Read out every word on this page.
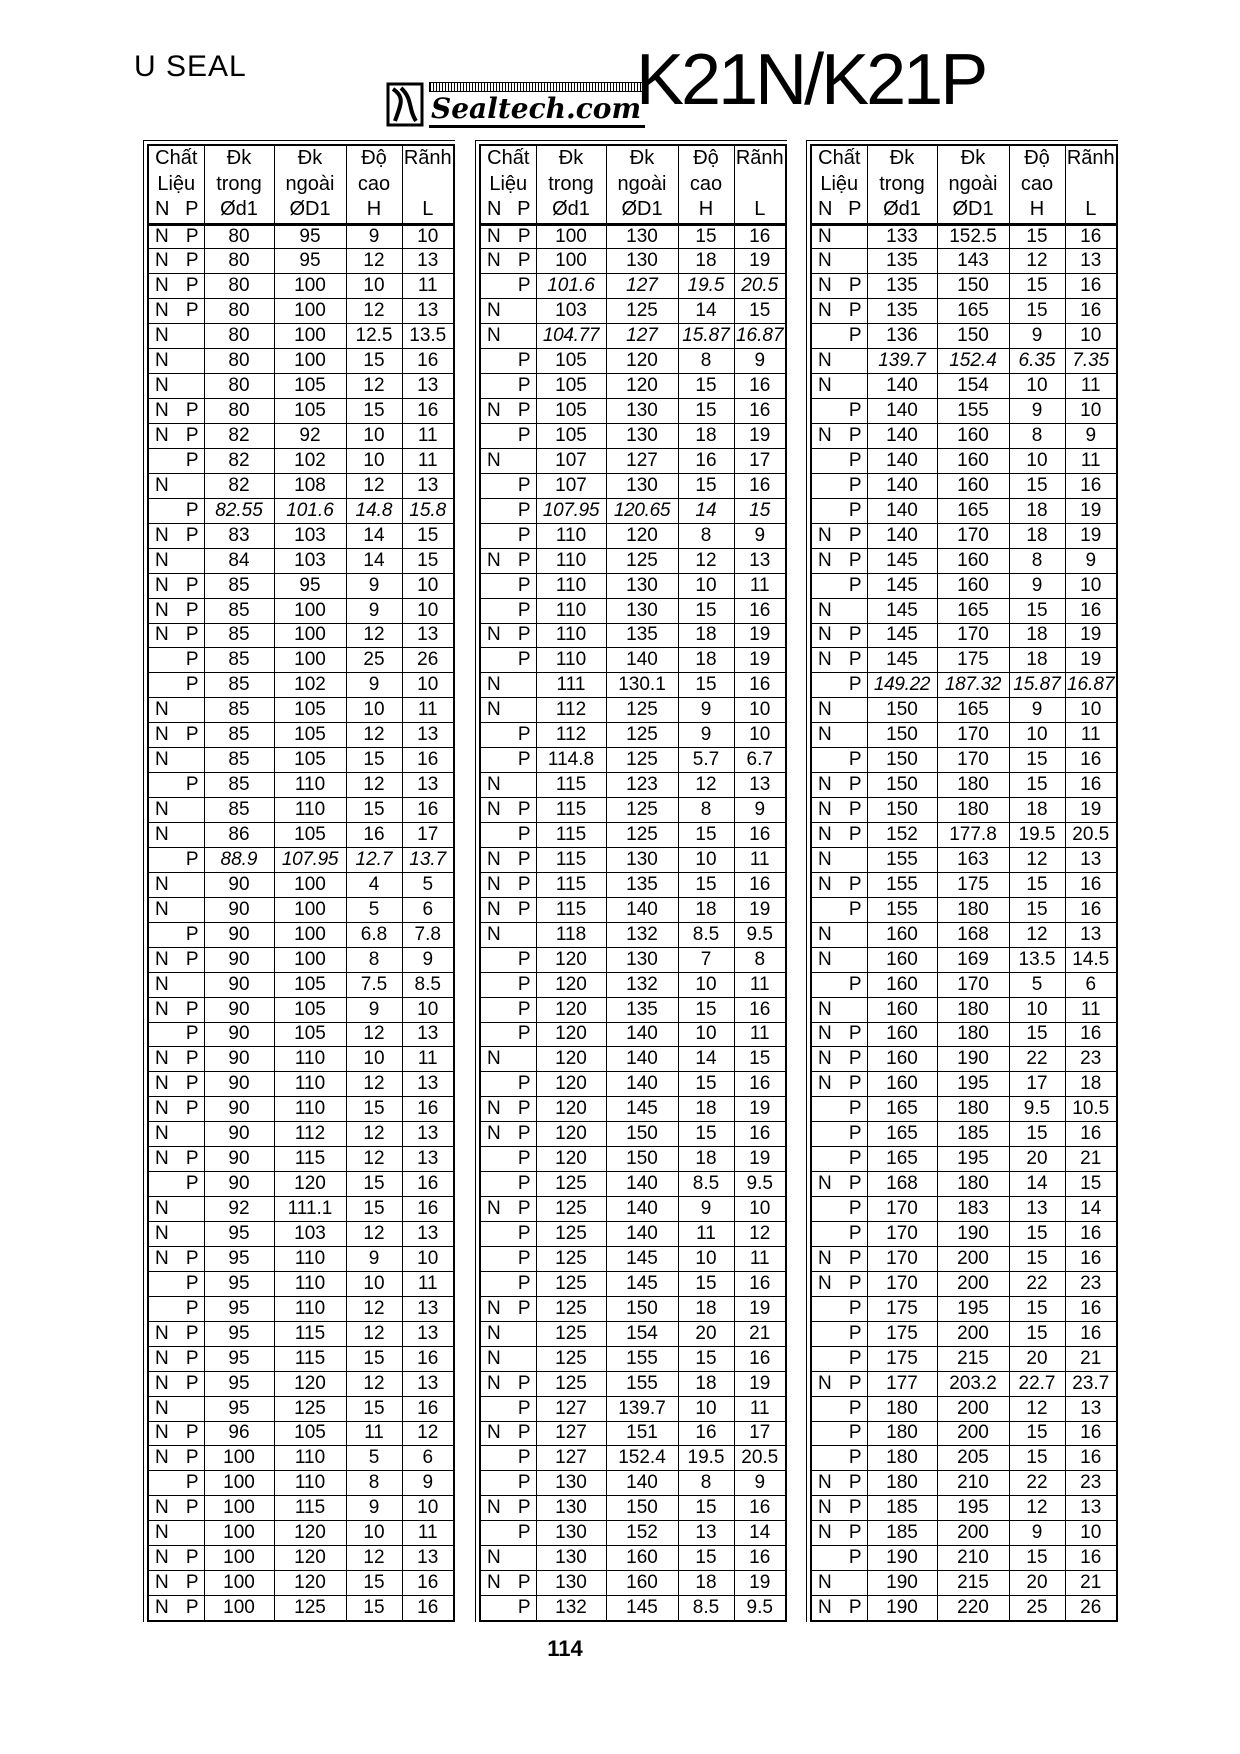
U SEAL
Sealtech.com
K21N/K21P
Chất
Liệu
N P

Đk
trong
Ød1

Đk
ngoài
ØD1

Độ
cao
H

Rãnh
L

N P	80	95	9	10

N P	80	95	12	13

N P	80	100	10	11

N P	80	100	12	13

N	80	100	12.5	13.5

N	80	100	15	16

N	80	105	12	13

N P	80	105	15	16

N P	82	92	10	11

P	82	102	10	11

N	82	108	12	13

P	82.55	101.6	14.8	15.8

N P	83	103	14	15

N	84	103	14	15

N P	85	95	9	10

N P	85	100	9	10

N P	85	100	12	13

P	85	100	25	26

P	85	102	9	10

N	85	105	10	11

N P	85	105	12	13

N	85	105	15	16

P	85	110	12	13

N	85	110	15	16

N	86	105	16	17

P	88.9	107.95	12.7	13.7

N	90	100	4	5

N	90	100	5	6

P	90	100	6.8	7.8

N P	90	100	8	9

N	90	105	7.5	8.5

N P	90	105	9	10

P	90	105	12	13

N P	90	110	10	11

N P	90	110	12	13

N P	90	110	15	16

N	90	112	12	13

N P	90	115	12	13

P	90	120	15	16

N	92	111.1	15	16

N	95	103	12	13

N P	95	110	9	10

P	95	110	10	11

P	95	110	12	13

N P	95	115	12	13

N P	95	115	15	16

N P	95	120	12	13

N	95	125	15	16

N P	96	105	11	12

N P	100	110	5	6

P	100	110	8	9

N P	100	115	9	10

N	100	120	10	11

N P	100	120	12	13

N P	100	120	15	16

N P	100	125	15	16
Chất
Liệu
N P

Đk
trong
Ød1

Đk
ngoài
ØD1

Độ
cao
H

Rãnh
L

N P	100	130	15	16

N P	100	130	18	19

P	101.6	127	19.5	20.5

N	103	125	14	15

N	104.77	127	15.87	16.87

P	105	120	8	9

P	105	120	15	16

N P	105	130	15	16

P	105	130	18	19

N	107	127	16	17

P	107	130	15	16

P	107.95	120.65	14	15

P	110	120	8	9

N P	110	125	12	13

P	110	130	10	11

P	110	130	15	16

N P	110	135	18	19

P	110	140	18	19

N	111	130.1	15	16

N	112	125	9	10

P	112	125	9	10

P	114.8	125	5.7	6.7

N	115	123	12	13

N P	115	125	8	9

P	115	125	15	16

N P	115	130	10	11

N P	115	135	15	16

N P	115	140	18	19

N	118	132	8.5	9.5

P	120	130	7	8

P	120	132	10	11

P	120	135	15	16

P	120	140	10	11

N	120	140	14	15

P	120	140	15	16

N P	120	145	18	19

N P	120	150	15	16

P	120	150	18	19

P	125	140	8.5	9.5

N P	125	140	9	10

P	125	140	11	12

P	125	145	10	11

P	125	145	15	16

N P	125	150	18	19

N	125	154	20	21

N	125	155	15	16

N P	125	155	18	19

P	127	139.7	10	11

N P	127	151	16	17

P	127	152.4	19.5	20.5

P	130	140	8	9

N P	130	150	15	16

P	130	152	13	14

N	130	160	15	16

N P	130	160	18	19

P	132	145	8.5	9.5
Chất
Liệu
N P

Đk
trong
Ød1

Đk
ngoài
ØD1

Độ
cao
H

Rãnh
L

N	133	152.5	15	16

N	135	143	12	13

N P	135	150	15	16

N P	135	165	15	16

P	136	150	9	10

N	139.7	152.4	6.35	7.35

N	140	154	10	11

P	140	155	9	10

N P	140	160	8	9

P	140	160	10	11

P	140	160	15	16

P	140	165	18	19

N P	140	170	18	19

N P	145	160	8	9

P	145	160	9	10

N	145	165	15	16

N P	145	170	18	19

N P	145	175	18	19

P	149.22	187.32	15.87	16.87

N	150	165	9	10

N	150	170	10	11

P	150	170	15	16

N P	150	180	15	16

N P	150	180	18	19

N P	152	177.8	19.5	20.5

N	155	163	12	13

N P	155	175	15	16

P	155	180	15	16

N	160	168	12	13

N	160	169	13.5	14.5

P	160	170	5	6

N	160	180	10	11

N P	160	180	15	16

N P	160	190	22	23

N P	160	195	17	18

P	165	180	9.5	10.5

P	165	185	15	16

P	165	195	20	21

N P	168	180	14	15

P	170	183	13	14

P	170	190	15	16

N P	170	200	15	16

N P	170	200	22	23

P	175	195	15	16

P	175	200	15	16

P	175	215	20	21

N P	177	203.2	22.7	23.7

P	180	200	12	13

P	180	200	15	16

P	180	205	15	16

N P	180	210	22	23

N P	185	195	12	13

N P	185	200	9	10

P	190	210	15	16

N	190	215	20	21

N P	190	220	25	26
114
